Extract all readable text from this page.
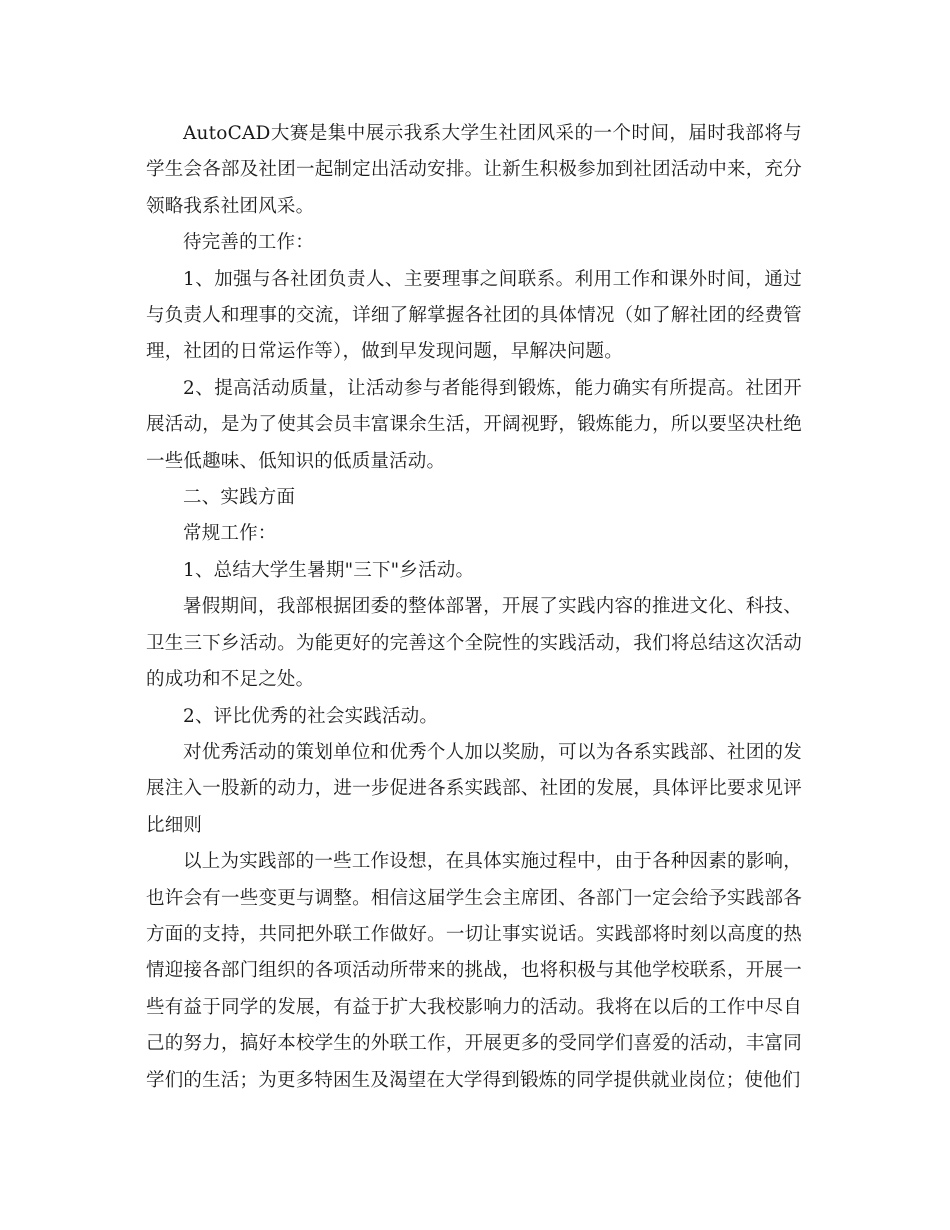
AutoCAD大赛是集中展示我系大学生社团风采的一个时间，届时我部将与学生会各部及社团一起制定出活动安排。让新生积极参加到社团活动中来，充分领略我系社团风采。

待完善的工作：

1、加强与各社团负责人、主要理事之间联系。利用工作和课外时间，通过与负责人和理事的交流，详细了解掌握各社团的具体情况（如了解社团的经费管理，社团的日常运作等），做到早发现问题，早解决问题。

2、提高活动质量，让活动参与者能得到锻炼，能力确实有所提高。社团开展活动，是为了使其会员丰富课余生活，开阔视野，锻炼能力，所以要坚决杜绝一些低趣味、低知识的低质量活动。

二、实践方面

常规工作：

1、总结大学生暑期"三下"乡活动。

暑假期间，我部根据团委的整体部署，开展了实践内容的推进文化、科技、卫生三下乡活动。为能更好的完善这个全院性的实践活动，我们将总结这次活动的成功和不足之处。

2、评比优秀的社会实践活动。

对优秀活动的策划单位和优秀个人加以奖励，可以为各系实践部、社团的发展注入一股新的动力，进一步促进各系实践部、社团的发展，具体评比要求见评比细则

以上为实践部的一些工作设想，在具体实施过程中，由于各种因素的影响，也许会有一些变更与调整。相信这届学生会主席团、各部门一定会给予实践部各方面的支持，共同把外联工作做好。一切让事实说话。实践部将时刻以高度的热情迎接各部门组织的各项活动所带来的挑战，也将积极与其他学校联系，开展一些有益于同学的发展，有益于扩大我校影响力的活动。我将在以后的工作中尽自己的努力，搞好本校学生的外联工作，开展更多的受同学们喜爱的活动，丰富同学们的生活；为更多特困生及渴望在大学得到锻炼的同学提供就业岗位；使他们
